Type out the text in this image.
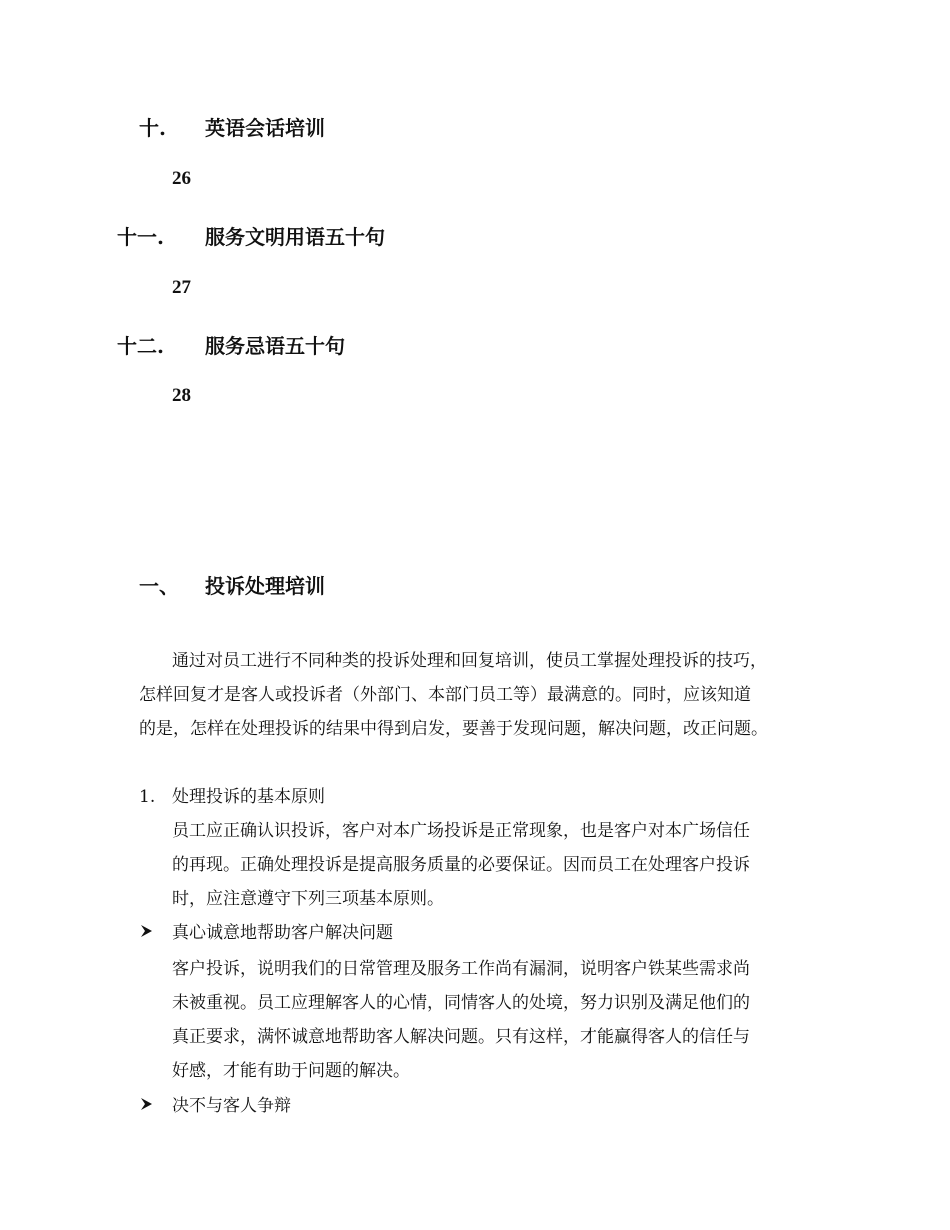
十. 英语会话培训
26
十一. 服务文明用语五十句
27
十二. 服务忌语五十句
28
一、 投诉处理培训
通过对员工进行不同种类的投诉处理和回复培训，使员工掌握处理投诉的技巧，
怎样回复才是客人或投诉者（外部门、本部门员工等）最满意的。同时，应该知道
的是，怎样在处理投诉的结果中得到启发，要善于发现问题，解决问题，改正问题。
1. 处理投诉的基本原则
员工应正确认识投诉，客户对本广场投诉是正常现象，也是客户对本广场信任
的再现。正确处理投诉是提高服务质量的必要保证。因而员工在处理客户投诉
时，应注意遵守下列三项基本原则。
真心诚意地帮助客户解决问题
客户投诉，说明我们的日常管理及服务工作尚有漏洞，说明客户铁某些需求尚
未被重视。员工应理解客人的心情，同情客人的处境，努力识别及满足他们的
真正要求，满怀诚意地帮助客人解决问题。只有这样，才能赢得客人的信任与
好感，才能有助于问题的解决。
决不与客人争辩
